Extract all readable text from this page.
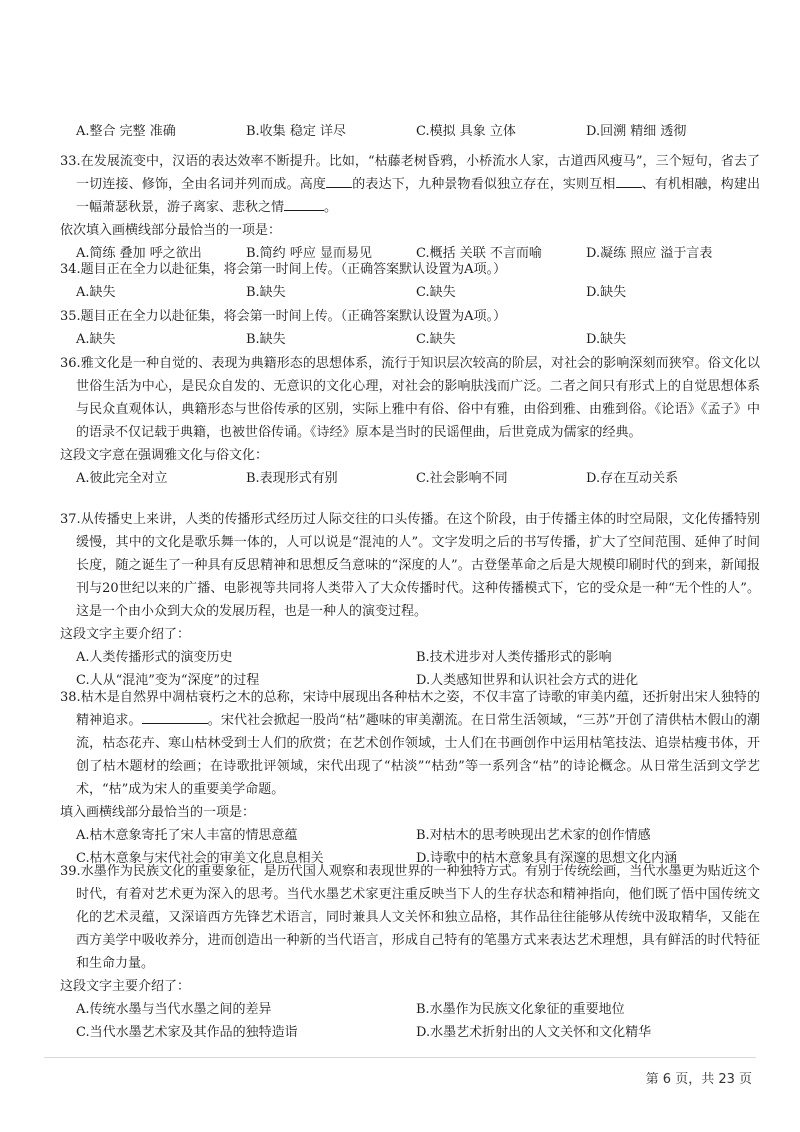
A.整合 完整 准确	B.收集 稳定 详尽	C.模拟 具象 立体	D.回溯 精细 透彻

33.在发展流变中，汉语的表达效率不断提升。比如，“枯藤老树昏鸦，小桥流水人家，古道西风瘦马”，三个短句，省去了一切连接、修饰，全由名词并列而成。高度 的表达下，九种景物看似独立存在，实则互相 、有机相融，构建出一幅萧瑟秋景，游子离家、悲秋之情	。

依次填入画横线部分最恰当的一项是：

A.简练 叠加 呼之欲出	B.简约 呼应 显而易见	C.概括 关联 不言而喻	D.凝练 照应 溢于言表

34.题目正在全力以赴征集，将会第一时间上传。（正确答案默认设置为A项。）

A.缺失	B.缺失	C.缺失	D.缺失

35.题目正在全力以赴征集，将会第一时间上传。（正确答案默认设置为A项。）

A.缺失	B.缺失	C.缺失	D.缺失

36.雅文化是一种自觉的、表现为典籍形态的思想体系，流行于知识层次较高的阶层，对社会的影响深刻而狭窄。俗文化以世俗生活为中心，是民众自发的、无意识的文化心理，对社会的影响肤浅而广泛。二者之间只有形式上的自觉思想体系与民众直观体认，典籍形态与世俗传承的区别，实际上雅中有俗、俗中有雅，由俗到雅、由雅到俗。《论语》《孟子》中的语录不仅记载于典籍，也被世俗传诵。《诗经》原本是当时的民谣俚曲，后世竟成为儒家的经典。

这段文字意在强调雅文化与俗文化：

A.彼此完全对立	B.表现形式有别	C.社会影响不同	D.存在互动关系

37.从传播史上来讲，人类的传播形式经历过人际交往的口头传播。在这个阶段，由于传播主体的时空局限，文化传播特别缓慢，其中的文化是歌乐舞一体的，人可以说是“混沌的人”。文字发明之后的书写传播，扩大了空间范围、延伸了时间长度，随之诞生了一种具有反思精神和思想反刍意味的“深度的人”。古登堡革命之后是大规模印刷时代的到来，新闻报刊与20世纪以来的广播、电影视等共同将人类带入了大众传播时代。这种传播模式下，它的受众是一种“无个性的人”。这是一个由小众到大众的发展历程，也是一种人的演变过程。

这段文字主要介绍了：

A.人类传播形式的演变历史	B.技术进步对人类传播形式的影响
C.人从“混沌”变为“深度”的过程	D.人类感知世界和认识社会方式的进化

38.枯木是自然界中凋枯衰朽之木的总称，宋诗中展现出各种枯木之姿，不仅丰富了诗歌的审美内蕴，还折射出宋人独特的精神追求。	。宋代社会掀起一股尚“枯”趣味的审美潮流。在日常生活领域，“三苏”开创了清供枯木假山的潮流，枯态花卉、寒山枯林受到士人们的欣赏；在艺术创作领域，士人们在书画创作中运用枯笔技法、追崇枯瘦书体，开创了枯木题材的绘画；在诗歌批评领域，宋代出现了“枯淡”“枯劲”等一系列含“枯”的诗论概念。从日常生活到文学艺术，“枯”成为宋人的重要美学命题。

填入画横线部分最恰当的一项是：

A.枯木意象寄托了宋人丰富的情思意蕴	B.对枯木的思考映现出艺术家的创作情感
C.枯木意象与宋代社会的审美文化息息相关	D.诗歌中的枯木意象具有深邃的思想文化内涵

39.水墨作为民族文化的重要象征，是历代国人观察和表现世界的一种独特方式。有别于传统绘画，当代水墨更为贴近这个时代，有着对艺术更为深入的思考。当代水墨艺术家更注重反映当下人的生存状态和精神指向，他们既了悟中国传统文化的艺术灵蕴，又深谙西方先锋艺术语言，同时兼具人文关怀和独立品格，其作品往往能够从传统中汲取精华，又能在西方美学中吸收养分，进而创造出一种新的当代语言，形成自己特有的笔墨方式来表达艺术理想，具有鲜活的时代特征和生命力量。

这段文字主要介绍了：

A.传统水墨与当代水墨之间的差异	B.水墨作为民族文化象征的重要地位
C.当代水墨艺术家及其作品的独特造诣	D.水墨艺术折射出的人文关怀和文化精华
第 6 页，共 23 页
